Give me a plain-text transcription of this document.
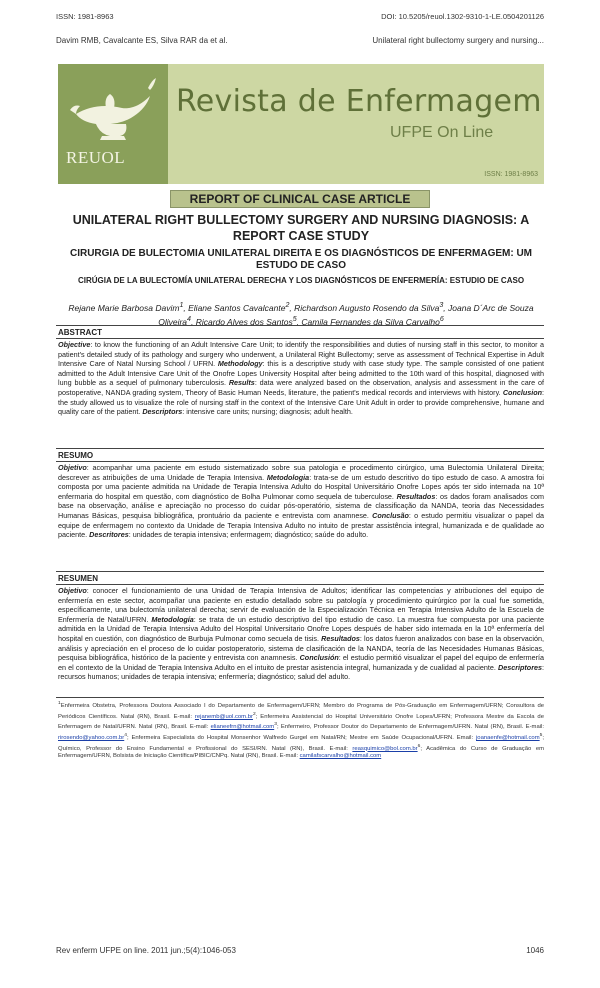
ISSN: 1981-8963	DOI: 10.5205/reuol.1302-9310-1-LE.0504201126
Davim RMB, Cavalcante ES, Silva RAR da et al.	Unilateral right bullectomy surgery and nursing...
REUOL
Revista de Enfermagem
UFPE On Line
ISSN: 1981-8963
REPORT OF CLINICAL CASE ARTICLE
UNILATERAL RIGHT BULLECTOMY SURGERY AND NURSING DIAGNOSIS: A REPORT CASE STUDY
CIRURGIA DE BULECTOMIA UNILATERAL DIREITA E OS DIAGNÓSTICOS DE ENFERMAGEM: UM ESTUDO DE CASO
CIRÚGIA DE LA BULECTOMÍA UNILATERAL DERECHA Y LOS DIAGNÓSTICOS DE ENFERMERÍA: ESTUDIO DE CASO
Rejane Marie Barbosa Davim$^1$, Eliane Santos Cavalcante$^2$, Richardson Augusto Rosendo da Silva$^3$, Joana D´Arc de Souza Oliveira$^4$, Ricardo Alves dos Santos$^5$, Camila Fernandes da Silva Carvalho$^6$
ABSTRACT
Objective: to know the functioning of an Adult Intensive Care Unit; to identify the responsibilities and duties of nursing staff in this sector, to monitor a patient's detailed study of its pathology and surgery who underwent, a Unilateral Right Bullectomy; serve as assessment of Technical Expertise in Adult Intensive Care of Natal Nursing School / UFRN. Methodology: this is a descriptive study with case study type. The sample consisted of one patient admitted to the Adult Intensive Care Unit of the Onofre Lopes University Hospital after being admitted to the 10th ward of this hospital, diagnosed with lung bubble as a sequel of pulmonary tuberculosis. Results: data were analyzed based on the observation, analysis and assessment in the care of postoperative, NANDA grading system, Theory of Basic Human Needs, literature, the patient's medical records and interviews with history. Conclusion: the study allowed us to visualize the role of nursing staff in the context of the Intensive Care Unit Adult in order to provide comprehensive, humane and quality care of the patient. Descriptors: intensive care units; nursing; diagnosis; adult health.
RESUMO
Objetivo: acompanhar uma paciente em estudo sistematizado sobre sua patologia e procedimento cirúrgico, uma Bulectomia Unilateral Direita; descrever as atribuições de uma Unidade de Terapia Intensiva. Metodologia: trata-se de um estudo descritivo do tipo estudo de caso. A amostra foi composta por uma paciente admitida na Unidade de Terapia Intensiva Adulto do Hospital Universitário Onofre Lopes após ter sido internada na 10ª enfermaria do hospital em questão, com diagnóstico de Bolha Pulmonar como sequela de tuberculose. Resultados: os dados foram analisados com base na observação, análise e apreciação no processo do cuidar pós-operatório, sistema de classificação da NANDA, teoria das Necessidades Humanas Básicas, pesquisa bibliográfica, prontuário da paciente e entrevista com anamnese. Conclusão: o estudo permitiu visualizar o papel da equipe de enfermagem no contexto da Unidade de Terapia Intensiva Adulto no intuito de prestar assistência integral, humanizada e de qualidade ao paciente. Descritores: unidades de terapia intensiva; enfermagem; diagnóstico; saúde do adulto.
RESUMEN
Objetivo: conocer el funcionamiento de una Unidad de Terapia Intensiva de Adultos; identificar las competencias y atribuciones del equipo de enfermería en este sector, acompañar una paciente en estudio detallado sobre su patología y procedimiento quirúrgico por la cual fue sometida, específicamente, una bulectomía unilateral derecha; servir de evaluación de la Especialización Técnica en Terapia Intensiva Adulto de la Escuela de Enfermería de Natal/UFRN. Metodología: se trata de un estudio descriptivo del tipo estudio de caso. La muestra fue compuesta por una paciente admitida en la Unidad de Terapia Intensiva Adulto del Hospital Universitario Onofre Lopes después de haber sido internada en la 10ª enfermería del hospital en cuestión, con diagnóstico de Burbuja Pulmonar como secuela de tisis. Resultados: los datos fueron analizados con base en la observación, análisis y apreciación en el proceso de lo cuidar postoperatorio, sistema de clasificación de la NANDA, teoría de las Necesidades Humanas Básicas, pesquisa bibliográfica, histórico de la paciente y entrevista con anamnesis. Conclusión: el estudio permitió visualizar el papel del equipo de enfermería en el contexto de la Unidad de Terapia Intensiva Adulto en el intuito de prestar asistencia integral, humanizada y de cualidad al paciente. Descriptores: recursos humanos; unidades de terapia intensiva; enfermería; diagnóstico; salud del adulto.
$^1$Enfermeira Obstetra, Professora Doutora Associado I do Departamento de Enfermagem/UFRN; Membro do Programa de Pós-Graduação em Enfermagem/UFRN; Consultora de Periódicos Científicos. Natal (RN), Brasil. E-mail: $rejanemb@uol.com.br^2$; Enfermeira Assistencial do Hospital Universitário Onofre Lopes/UFRN; Professora Mestre da Escola de Enfermagem de Natal/UFRN. Natal (RN), Brasil. E-mail: elianeefrn@hotmail.com$^3$; Enfermeiro, Professor Doutor do Departamento de Enfermagem/UFRN. Natal (RN), Brasil. E-mail: $rirosendo@yahoo.com.br^4$; Enfermeira Especialista do Hospital Monsenhor Walfredo Gurgel em Natal/RN; Mestre em Saúde Ocupacional/UFRN. Email: joanaenfe@hotmail.com$^5$; Químico, Professor do Ensino Fundamental e Profissional do SESI/RN. Natal (RN), Brasil. E-mail: $reasquimico@bol.com.br^6$; Acadêmica do Curso de Graduação em Enfermagem/UFRN, Bolsista de Iniciação Científica/PIBIC/CNPq. Natal (RN), Brasil. E-mail: camilafscarvalho@hotmail.com
Rev enferm UFPE on line. 2011 jun.;5(4):1046-053	1046
